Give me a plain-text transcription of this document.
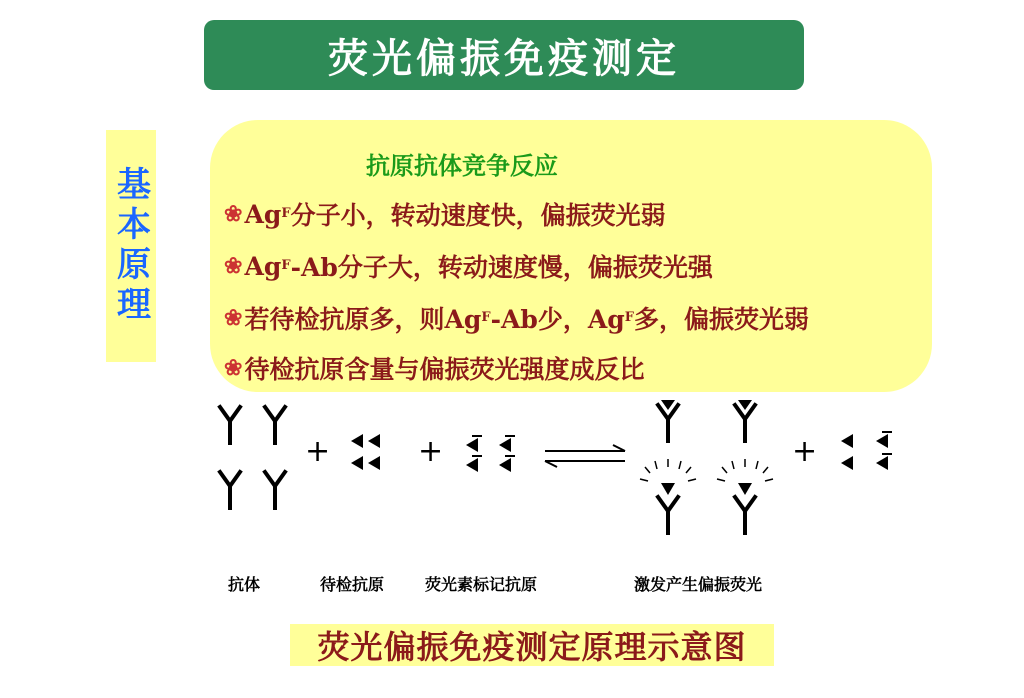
荧光偏振免疫测定
基本原理
抗原抗体竞争反应
❀ Ag F 分子小，转动速度快，偏振荧光弱
❀ Ag F -Ab分子大，转动速度慢，偏振荧光强
❀ 若待检抗原多，则Ag F -Ab少，Ag F 多，偏振荧光弱
❀ 待检抗原含量与偏振荧光强度成反比
+	+	+
抗体	待检抗原	荧光素标记抗原	激发产生偏振荧光
荧光偏振免疫测定原理示意图
